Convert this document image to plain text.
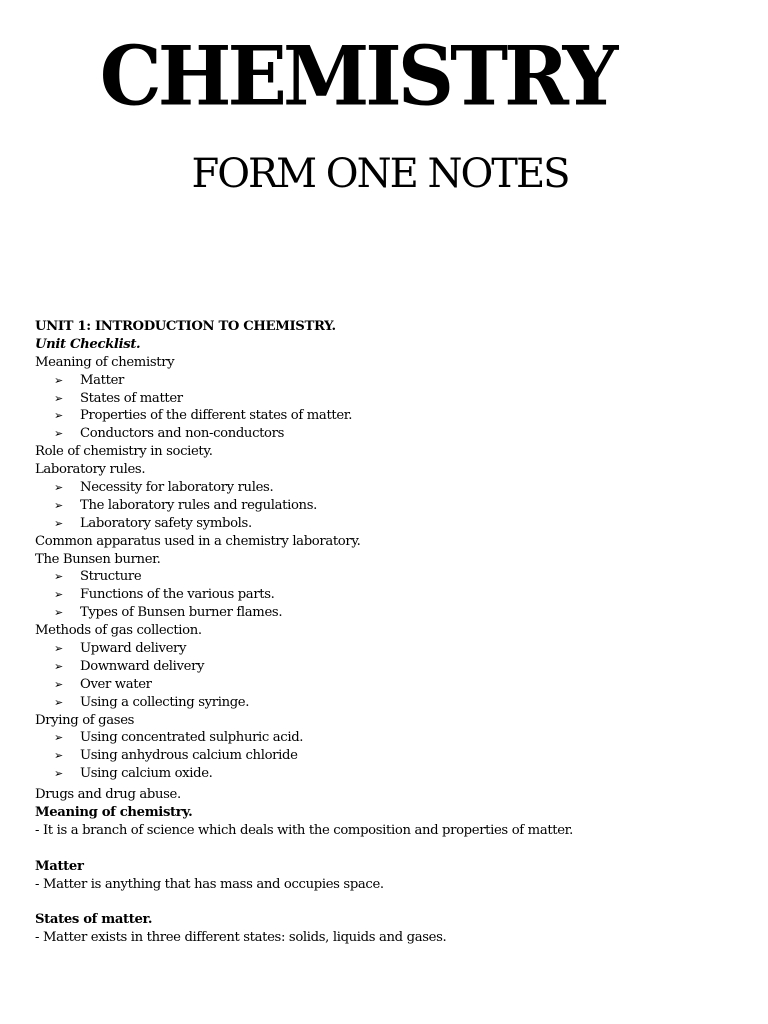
CHEMISTRY
FORM ONE NOTES
UNIT 1: INTRODUCTION TO CHEMISTRY.
Unit Checklist.
Meaning of chemistry
➢	Matter
➢	States of matter
➢	Properties of the different states of matter.
➢	Conductors and non-conductors
Role of chemistry in society.
Laboratory rules.
➢	Necessity for laboratory rules.
➢	The laboratory rules and regulations.
➢	Laboratory safety symbols.
Common apparatus used in a chemistry laboratory.
The Bunsen burner.
➢	Structure
➢	Functions of the various parts.
➢	Types of Bunsen burner flames.
Methods of gas collection.
➢	Upward delivery
➢	Downward delivery
➢	Over water
➢	Using a collecting syringe.
Drying of gases
➢	Using concentrated sulphuric acid.
➢	Using anhydrous calcium chloride
➢	Using calcium oxide.
Drugs and drug abuse.
Meaning of chemistry.
- It is a branch of science which deals with the composition and properties of matter.
Matter
- Matter is anything that has mass and occupies space.
States of matter.
- Matter exists in three different states: solids, liquids and gases.
